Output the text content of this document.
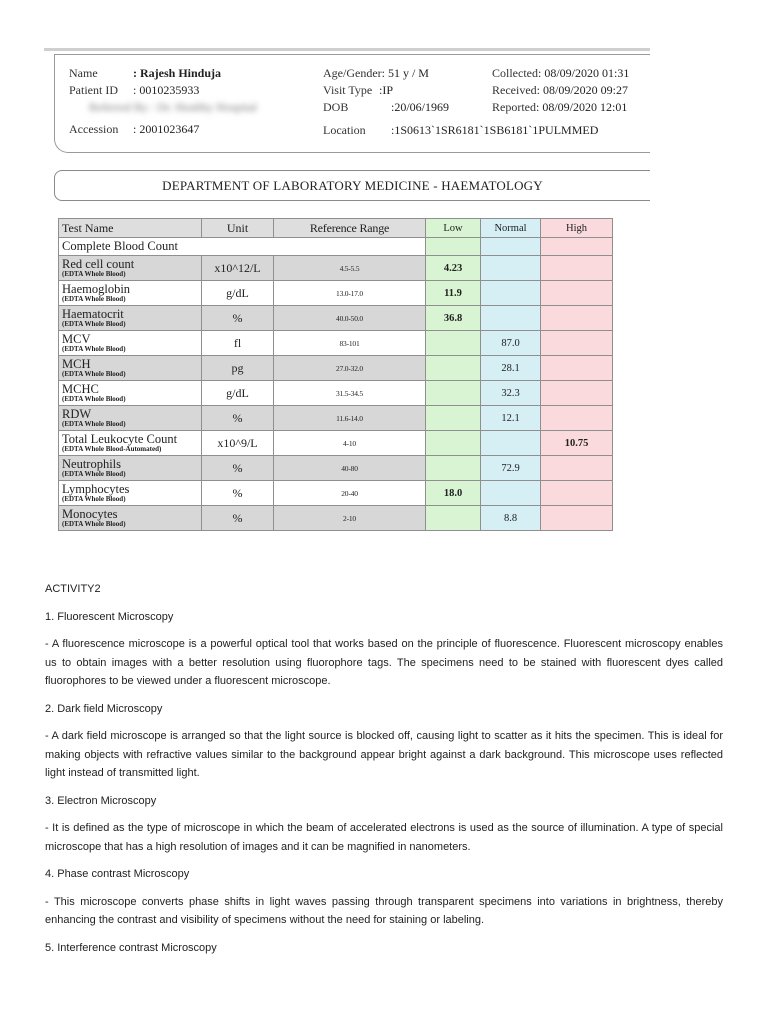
Name	: Rajesh Hinduja
Patient ID : 0010235933
Referred By : Dr. Healthy Hospital
Accession : 2001023647
Age/Gender: 51 y / M
Visit Type :IP
DOB	:20/06/1969
Location :1S0613`1SR6181`1SB6181`1PULMMED
Collected: 08/09/2020 01:31
Received: 08/09/2020 09:27
Reported: 08/09/2020 12:01
DEPARTMENT OF LABORATORY MEDICINE - HAEMATOLOGY
Test Name	Unit	Reference Range	Low	Normal	High
Complete Blood Count					

Red cell count
(EDTA Whole Blood)	x10^12/L	4.5-5.5	4.23		

Haemoglobin
(EDTA Whole Blood)	g/dL	13.0-17.0	11.9		

Haematocrit
(EDTA Whole Blood)	%	40.0-50.0	36.8		

MCV
(EDTA Whole Blood)	fl	83-101		87.0	

MCH
(EDTA Whole Blood)	pg	27.0-32.0		28.1	

MCHC
(EDTA Whole Blood)	g/dL	31.5-34.5		32.3	

RDW
(EDTA Whole Blood)	%	11.6-14.0		12.1	

Total Leukocyte Count
(EDTA Whole Blood-Automated)	x10^9/L	4-10			10.75

Neutrophils
(EDTA Whole Blood)	%	40-80		72.9	

Lymphocytes
(EDTA Whole Blood)	%	20-40	18.0		

Monocytes
(EDTA Whole Blood)	%	2-10		8.8	

ACTIVITY2

1. Fluorescent Microscopy

- A fluorescence microscope is a powerful optical tool that works based on the principle of fluorescence. Fluorescent microscopy enables us to obtain images with a better resolution using fluorophore tags. The specimens need to be stained with fluorescent dyes called fluorophores to be viewed under a fluorescent microscope.

2. Dark field Microscopy

- A dark field microscope is arranged so that the light source is blocked off, causing light to scatter as it hits the specimen. This is ideal for making objects with refractive values similar to the background appear bright against a dark background. This microscope uses reflected light instead of transmitted light.

3. Electron Microscopy

- It is defined as the type of microscope in which the beam of accelerated electrons is used as the source of illumination. A type of special microscope that has a high resolution of images and it can be magnified in nanometers.

4. Phase contrast Microscopy

- This microscope converts phase shifts in light waves passing through transparent specimens into variations in brightness, thereby enhancing the contrast and visibility of specimens without the need for staining or labeling.

5. Interference contrast Microscopy
